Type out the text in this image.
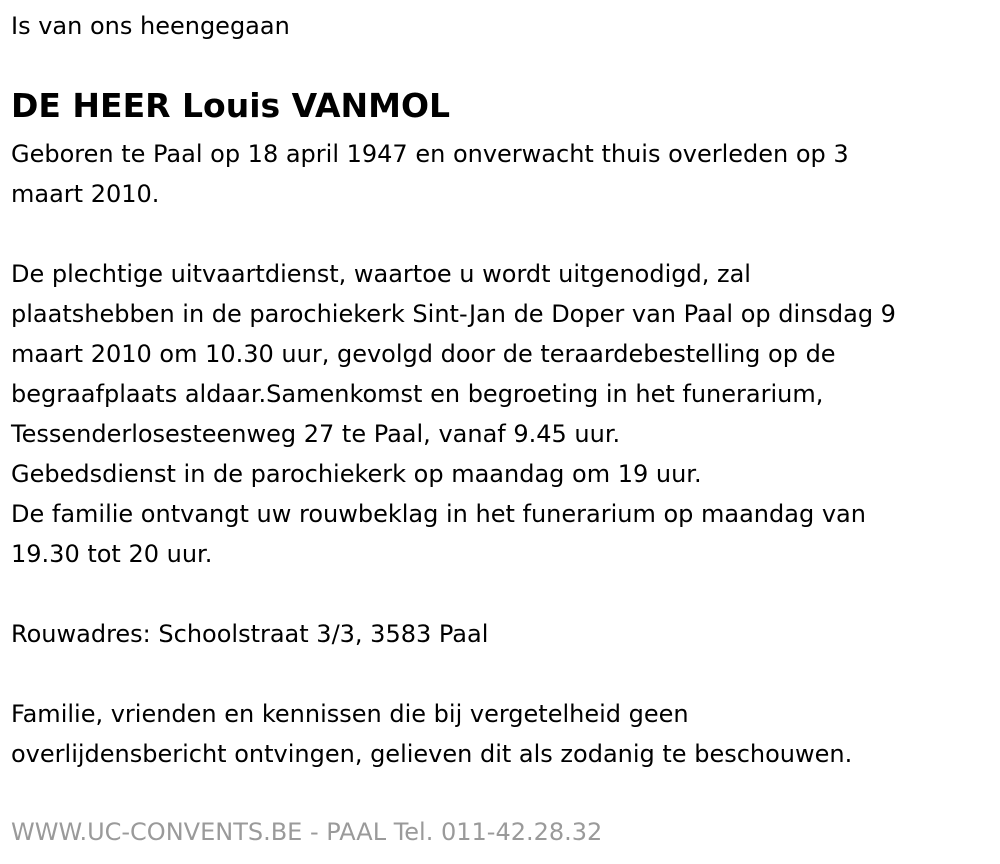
Is van ons heengegaan
DE HEER Louis VANMOL

Geboren te Paal op 18 april 1947 en onverwacht thuis overleden op 3
maart 2010.

De plechtige uitvaartdienst, waartoe u wordt uitgenodigd, zal
plaatshebben in de parochiekerk Sint-Jan de Doper van Paal op dinsdag 9
maart 2010 om 10.30 uur, gevolgd door de teraardebestelling op de
begraafplaats aldaar.Samenkomst en begroeting in het funerarium,
Tessenderlosesteenweg 27 te Paal, vanaf 9.45 uur.
Gebedsdienst in de parochiekerk op maandag om 19 uur.
De familie ontvangt uw rouwbeklag in het funerarium op maandag van
19.30 tot 20 uur.

Rouwadres: Schoolstraat 3/3, 3583 Paal

Familie, vrienden en kennissen die bij vergetelheid geen
overlijdensbericht ontvingen, gelieven dit als zodanig te beschouwen.

WWW.UC-CONVENTS.BE - PAAL Tel. 011-42.28.32
